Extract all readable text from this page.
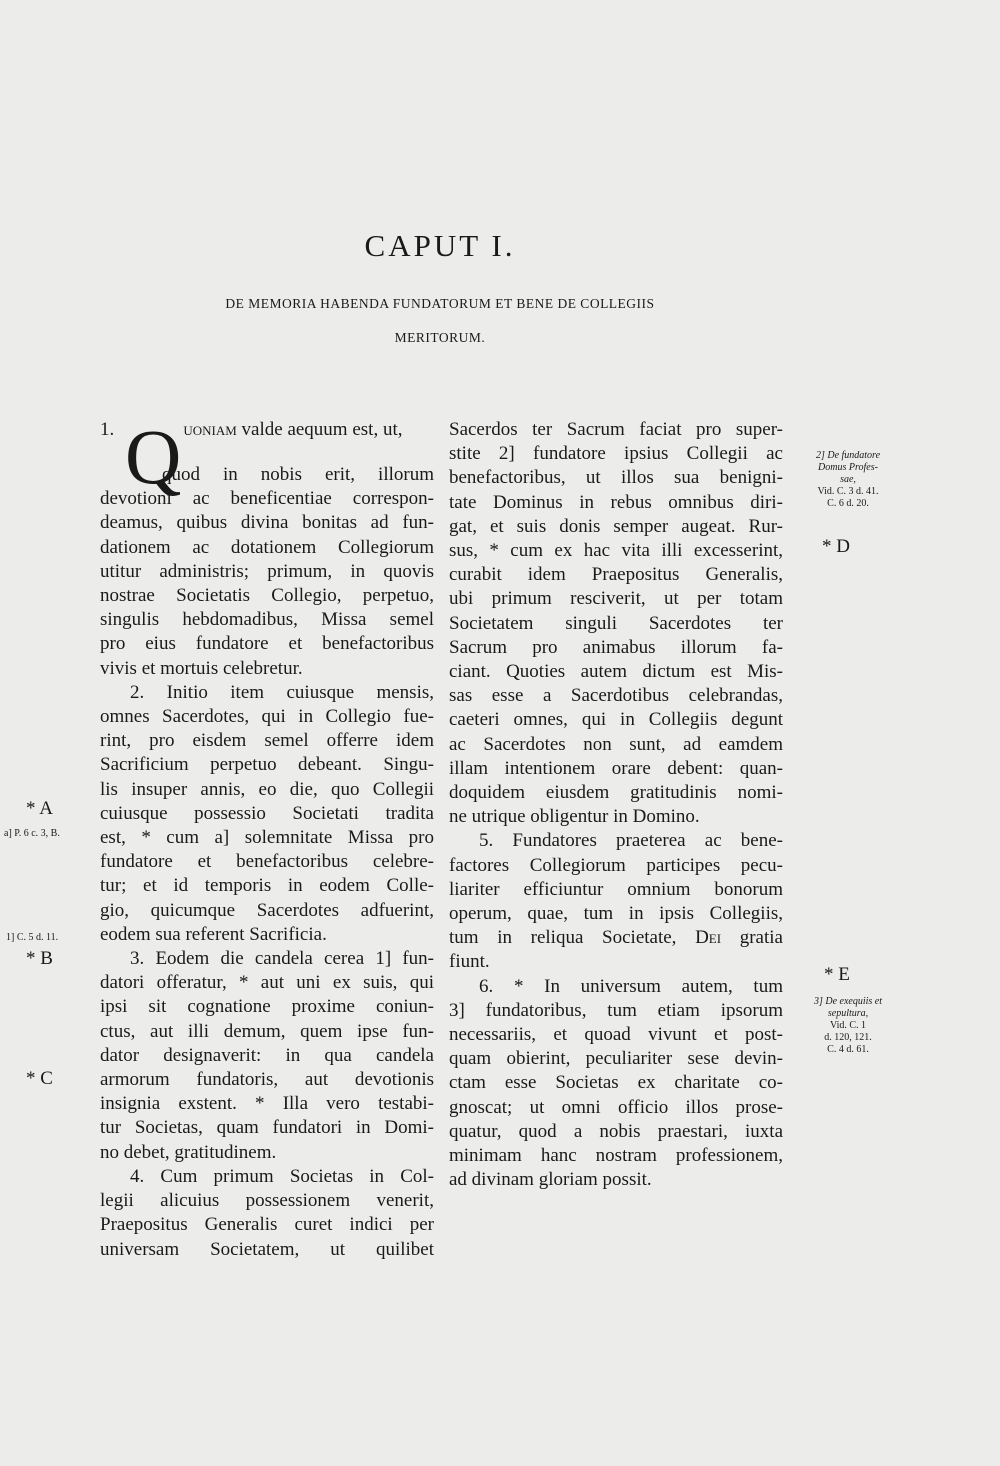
CAPUT I.
DE MEMORIA HABENDA FUNDATORUM ET BENE DE COLLEGIIS
MERITORUM.
1. Q uoniam valde aequum est, ut,
quod in nobis erit, illorum
devotioni ac beneficentiae correspon-
deamus, quibus divina bonitas ad fun-
dationem ac dotationem Collegiorum
utitur administris; primum, in quovis
nostrae Societatis Collegio, perpetuo,
singulis hebdomadibus, Missa semel
pro eius fundatore et benefactoribus
vivis et mortuis celebretur.
2. Initio item cuiusque mensis,
omnes Sacerdotes, qui in Collegio fue-
rint, pro eisdem semel offerre idem
Sacrificium perpetuo debeant. Singu-
lis insuper annis, eo die, quo Collegii
cuiusque possessio Societati tradita
est, * cum a] solemnitate Missa pro
fundatore et benefactoribus celebre-
tur; et id temporis in eodem Colle-
gio, quicumque Sacerdotes adfuerint,
eodem sua referent Sacrificia.
3. Eodem die candela cerea 1] fun-
datori offeratur, * aut uni ex suis, qui
ipsi sit cognatione proxime coniun-
ctus, aut illi demum, quem ipse fun-
dator designaverit: in qua candela
armorum fundatoris, aut devotionis
insignia exstent. * Illa vero testabi-
tur Societas, quam fundatori in Domi-
no debet, gratitudinem.
4. Cum primum Societas in Col-
legii alicuius possessionem venerit,
Praepositus Generalis curet indici per
universam Societatem, ut quilibet
Sacerdos ter Sacrum faciat pro super-
stite 2] fundatore ipsius Collegii ac
benefactoribus, ut illos sua benigni-
tate Dominus in rebus omnibus diri-
gat, et suis donis semper augeat. Rur-
sus, * cum ex hac vita illi excesserint,
curabit idem Praepositus Generalis,
ubi primum resciverit, ut per totam
Societatem singuli Sacerdotes ter
Sacrum pro animabus illorum fa-
ciant. Quoties autem dictum est Mis-
sas esse a Sacerdotibus celebrandas,
caeteri omnes, qui in Collegiis degunt
ac Sacerdotes non sunt, ad eamdem
illam intentionem orare debent: quan-
doquidem eiusdem gratitudinis nomi-
ne utrique obligentur in Domino.
5. Fundatores praeterea ac bene-
factores Collegiorum participes pecu-
liariter efficiuntur omnium bonorum
operum, quae, tum in ipsis Collegiis,
tum in reliqua Societate, Dei gratia
fiunt.
6. * In universum autem, tum
3] fundatoribus, tum etiam ipsorum
necessariis, et quoad vivunt et post-
quam obierint, peculiariter sese devin-
ctam esse Societas ex charitate co-
gnoscat; ut omni officio illos prose-
quatur, quod a nobis praestari, iuxta
minimam hanc nostram professionem,
ad divinam gloriam possit.
* A
a] P. 6 c. 3, B.
1] C. 5 d. 11.
* B
* C
2] De fundatore
Domus Profes-
sae,
Vid. C. 3 d. 41.
C. 6 d. 20.
* D
* E
3] De exequiis et
sepultura,
Vid. C. 1
d. 120, 121.
C. 4 d. 61.
